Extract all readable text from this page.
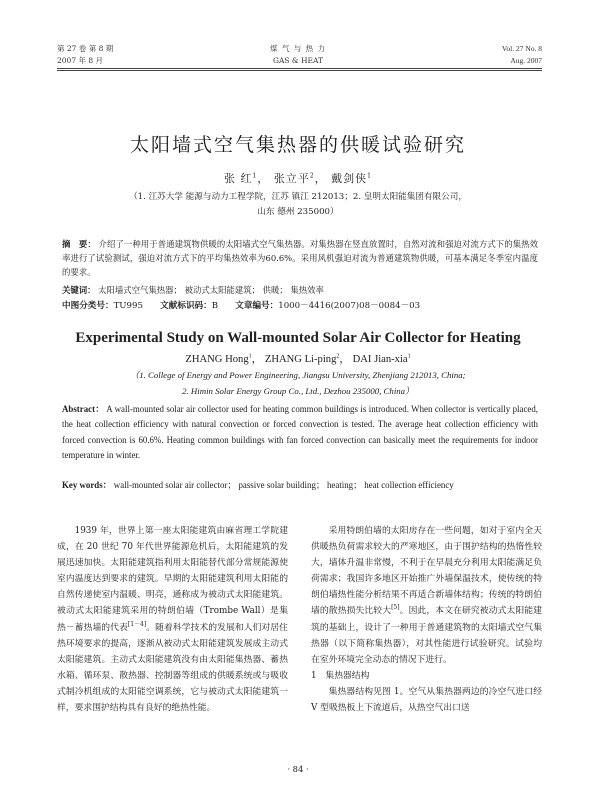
第 27 卷 第 8 期
2007 年 8 月
煤 气 与 热 力
GAS & HEAT
Vol. 27 No. 8
Aug. 2007
太阳墙式空气集热器的供暖试验研究
张 红$^1$， 张立平$^2$， 戴剑侠$^1$
（1. 江苏大学 能源与动力工程学院，江苏 镇江 212013；2. 皇明太阳能集团有限公司，
山东 德州 235000）
摘　要： 介绍了一种用于普通建筑物供暖的太阳墙式空气集热器。对集热器在竖直放置时，自然对流和强迫对流方式下的集热效率进行了试验测试，强迫对流方式下的平均集热效率为60.6%。采用风机强迫对流为普通建筑物供暖，可基本满足冬季室内温度的要求。
关键词： 太阳墙式空气集热器； 被动式太阳能建筑； 供暖； 集热效率
中图分类号：TU995　　文献标识码：B　　文章编号：1000－4416(2007)08－0084－03
Experimental Study on Wall-mounted Solar Air Collector for Heating
ZHANG Hong$^1$， ZHANG Li-ping$^2$， DAI Jian-xia$^1$
（1. College of Energy and Power Engineering, Jiangsu University, Zhenjiang 212013, China;
2. Himin Solar Energy Group Co., Ltd., Dezhou 235000, China）
Abstract： A wall-mounted solar air collector used for heating common buildings is introduced. When collector is vertically placed, the heat collection efficiency with natural convection or forced convection is tested. The average heat collection efficiency with forced convection is 60.6%. Heating common buildings with fan forced convection can basically meet the requirements for indoor temperature in winter.
Key words： wall-mounted solar air collector； passive solar building； heating； heat collection efficiency

1939 年，世界上第一座太阳能建筑由麻省理工学院建成，在 20 世纪 70 年代世界能源危机后，太阳能建筑的发展迅速加快。太阳能建筑指利用太阳能替代部分常规能源使室内温度达到要求的建筑。早期的太阳能建筑利用太阳能的自然传递使室内温暖、明亮，通称成为被动式太阳能建筑。被动式太阳能建筑采用的特朗伯墙（Trombe Wall）是集热－蓄热墙的代表[1－4]。随着科学技术的发展和人们对居住热环境要求的提高，逐渐从被动式太阳能建筑发展成主动式太阳能建筑。主动式太阳能建筑没有由太阳能集热器、蓄热水箱、循环泵、散热器、控制器等组成的供暖系统或与吸收式制冷机组成的太阳能空调系统，它与被动式太阳能建筑一样，要求围护结构具有良好的绝热性能。

采用特朗伯墙的太阳房存在一些问题，如对于室内全天供暖热负荷需求较大的严寒地区，由于围护结构的热惰性较大，墙体升温非常慢，不利于在早晨充分利用太阳能满足负荷需求；我国许多地区开始推广外墙保温技术，使传统的特朗伯墙热性能分析结果不再适合新墙体结构；传统的特朗伯墙的散热损失比较大[5]。因此，本文在研究被动式太阳能建筑的基础上，设计了一种用于普通建筑物的太阳墙式空气集热器（以下简称集热器），对其性能进行试验研究。试验均在室外环境完全动态的情况下进行。

1　集热器结构

集热器结构见图 1。空气从集热器两边的冷空气进口经 V 型吸热板上下流道后，从热空气出口送

· 84 ·
